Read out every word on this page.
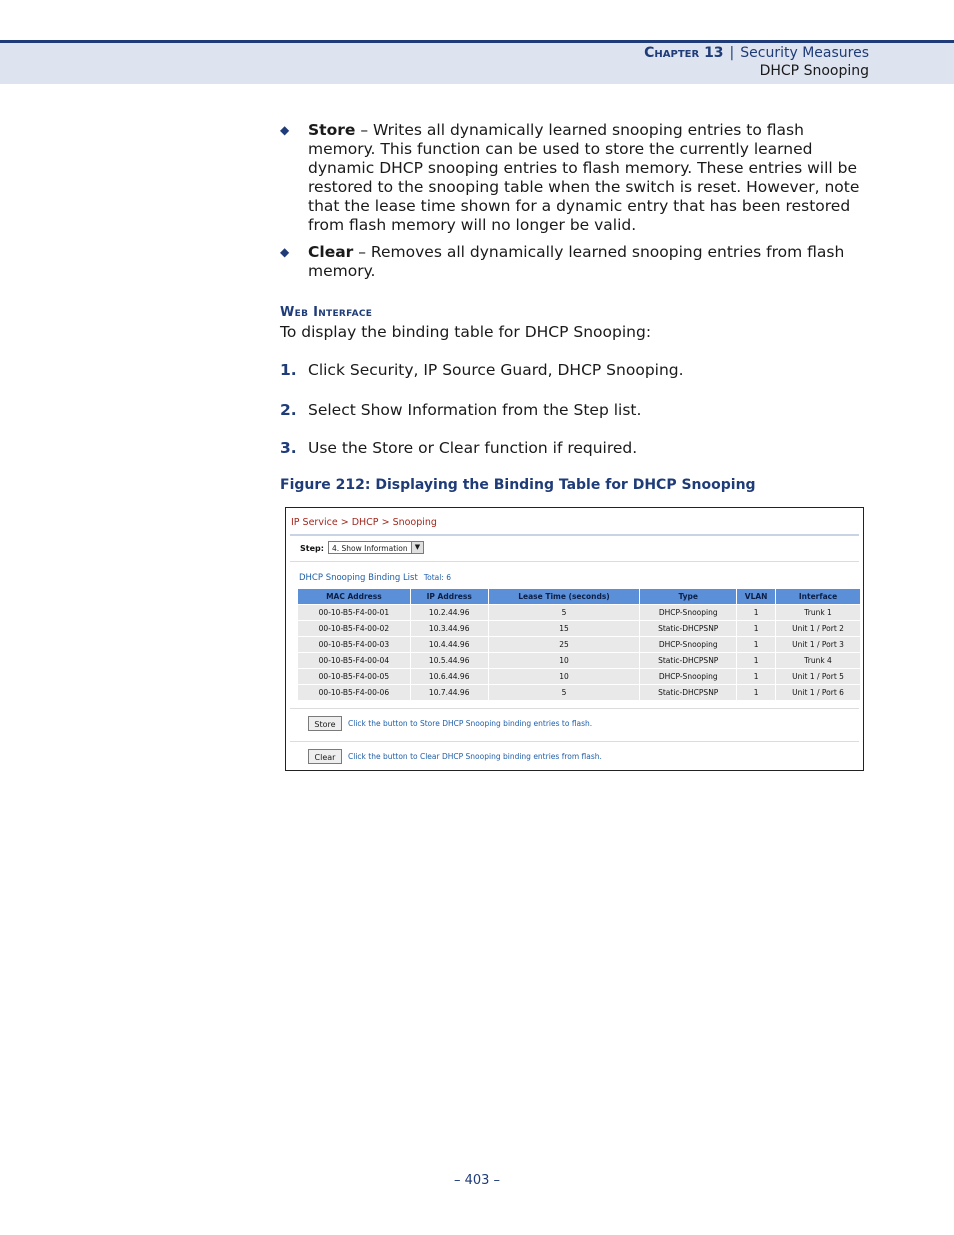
Chapter 13 | Security Measures
DHCP Snooping
◆ Store – Writes all dynamically learned snooping entries to flash memory. This function can be used to store the currently learned dynamic DHCP snooping entries to flash memory. These entries will be restored to the snooping table when the switch is reset. However, note that the lease time shown for a dynamic entry that has been restored from flash memory will no longer be valid.
◆ Clear – Removes all dynamically learned snooping entries from flash memory.
Web Interface
To display the binding table for DHCP Snooping:
1. Click Security, IP Source Guard, DHCP Snooping.
2. Select Show Information from the Step list.
3. Use the Store or Clear function if required.
Figure 212: Displaying the Binding Table for DHCP Snooping
IP Service > DHCP > Snooping
Step:	4. Show Information	▼
DHCP Snooping Binding List Total: 6
MAC Address	IP Address	Lease Time (seconds)	Type	VLAN	Interface
00-10-B5-F4-00-01	10.2.44.96	5	DHCP-Snooping	1	Trunk 1
00-10-B5-F4-00-02	10.3.44.96	15	Static-DHCPSNP	1	Unit 1 / Port 2
00-10-B5-F4-00-03	10.4.44.96	25	DHCP-Snooping	1	Unit 1 / Port 3
00-10-B5-F4-00-04	10.5.44.96	10	Static-DHCPSNP	1	Trunk 4
00-10-B5-F4-00-05	10.6.44.96	10	DHCP-Snooping	1	Unit 1 / Port 5
00-10-B5-F4-00-06	10.7.44.96	5	Static-DHCPSNP	1	Unit 1 / Port 6
Store	Click the button to Store DHCP Snooping binding entries to flash.
Clear	Click the button to Clear DHCP Snooping binding entries from flash.
– 403 –
